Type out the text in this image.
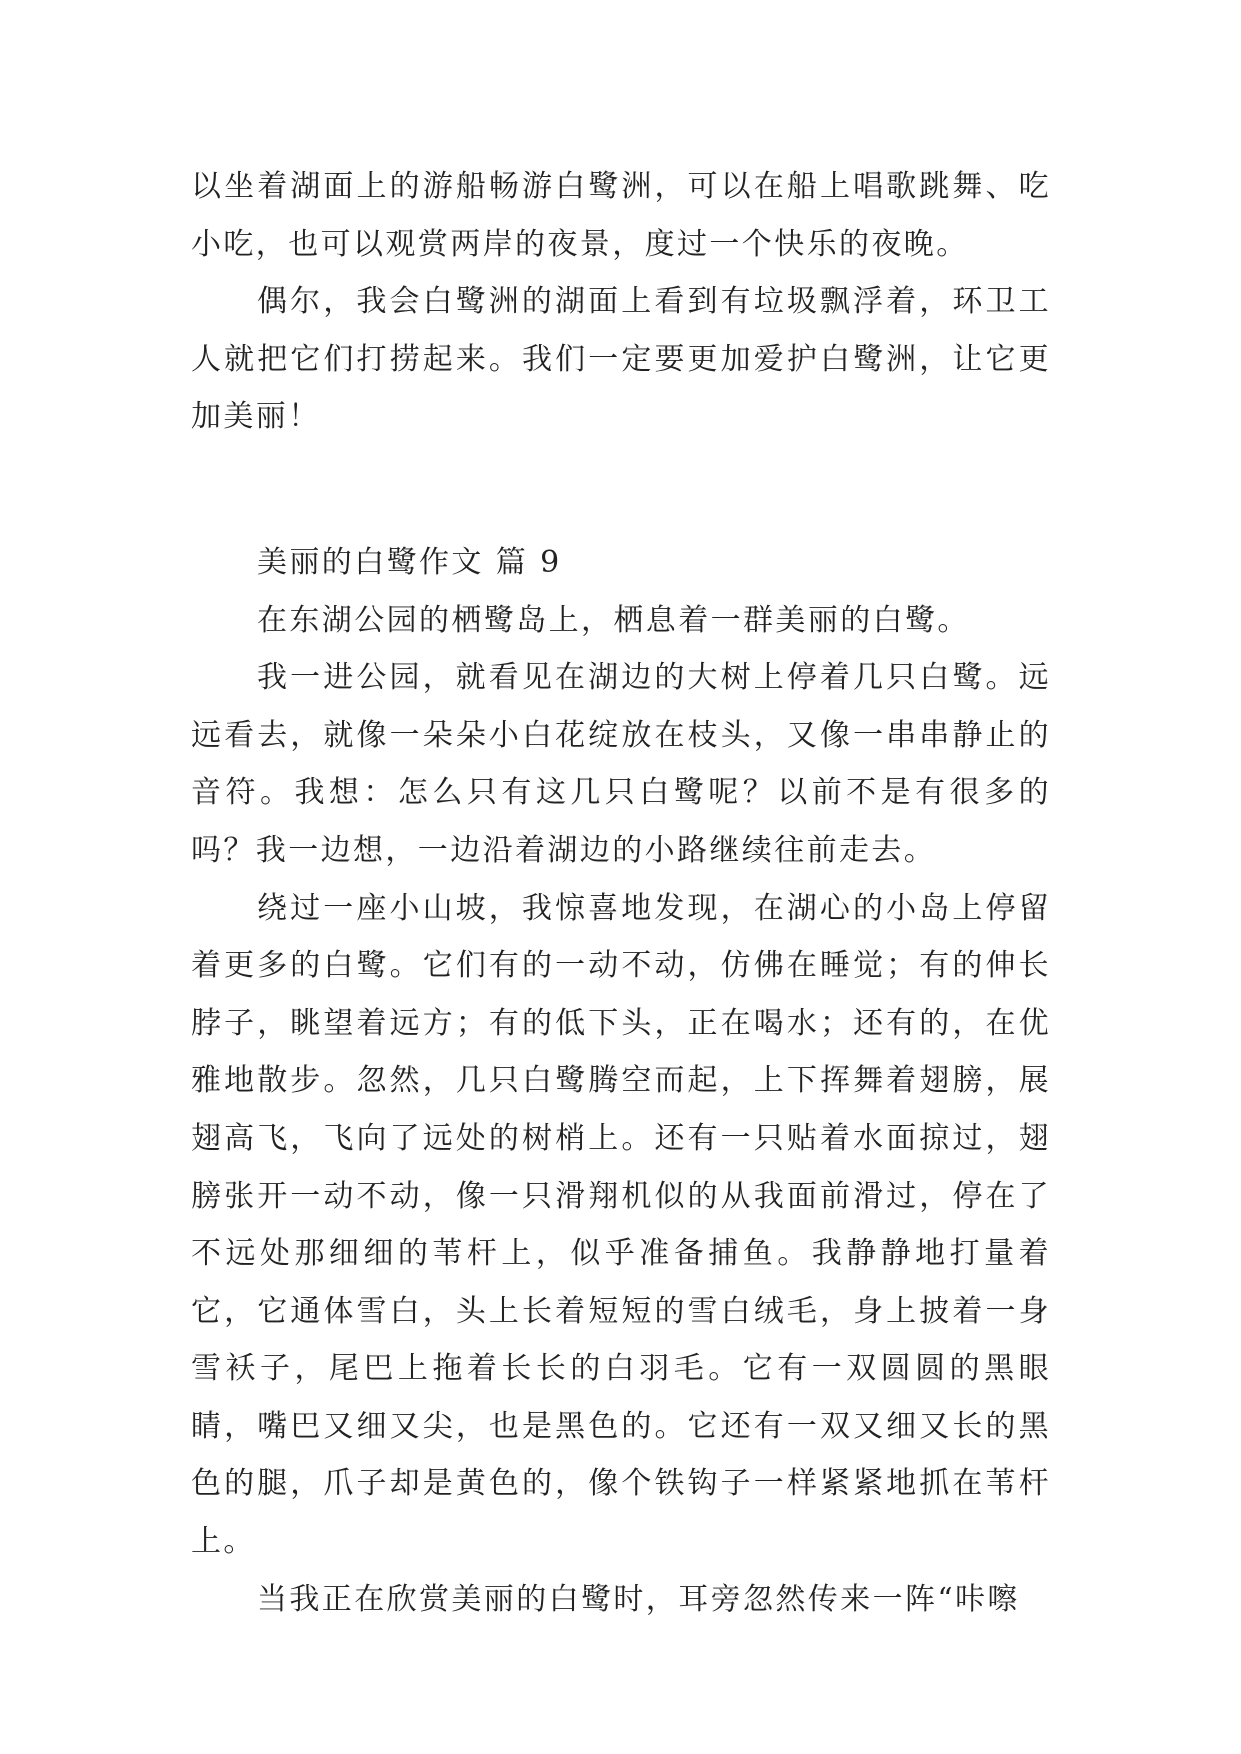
以坐着湖面上的游船畅游白鹭洲，可以在船上唱歌跳舞、吃小吃，也可以观赏两岸的夜景，度过一个快乐的夜晚。

偶尔，我会白鹭洲的湖面上看到有垃圾飘浮着，环卫工人就把它们打捞起来。我们一定要更加爱护白鹭洲，让它更加美丽！

美丽的白鹭作文 篇 9

在东湖公园的栖鹭岛上，栖息着一群美丽的白鹭。

我一进公园，就看见在湖边的大树上停着几只白鹭。远远看去，就像一朵朵小白花绽放在枝头，又像一串串静止的音符。我想：怎么只有这几只白鹭呢？以前不是有很多的吗？我一边想，一边沿着湖边的小路继续往前走去。

绕过一座小山坡，我惊喜地发现，在湖心的小岛上停留着更多的白鹭。它们有的一动不动，仿佛在睡觉；有的伸长脖子，眺望着远方；有的低下头，正在喝水；还有的，在优雅地散步。忽然，几只白鹭腾空而起，上下挥舞着翅膀，展翅高飞，飞向了远处的树梢上。还有一只贴着水面掠过，翅膀张开一动不动，像一只滑翔机似的从我面前滑过，停在了不远处那细细的苇杆上，似乎准备捕鱼。我静静地打量着它，它通体雪白，头上长着短短的雪白绒毛，身上披着一身雪袄子，尾巴上拖着长长的白羽毛。它有一双圆圆的黑眼睛，嘴巴又细又尖，也是黑色的。它还有一双又细又长的黑色的腿，爪子却是黄色的，像个铁钩子一样紧紧地抓在苇杆上。

当我正在欣赏美丽的白鹭时，耳旁忽然传来一阵“咔嚓
